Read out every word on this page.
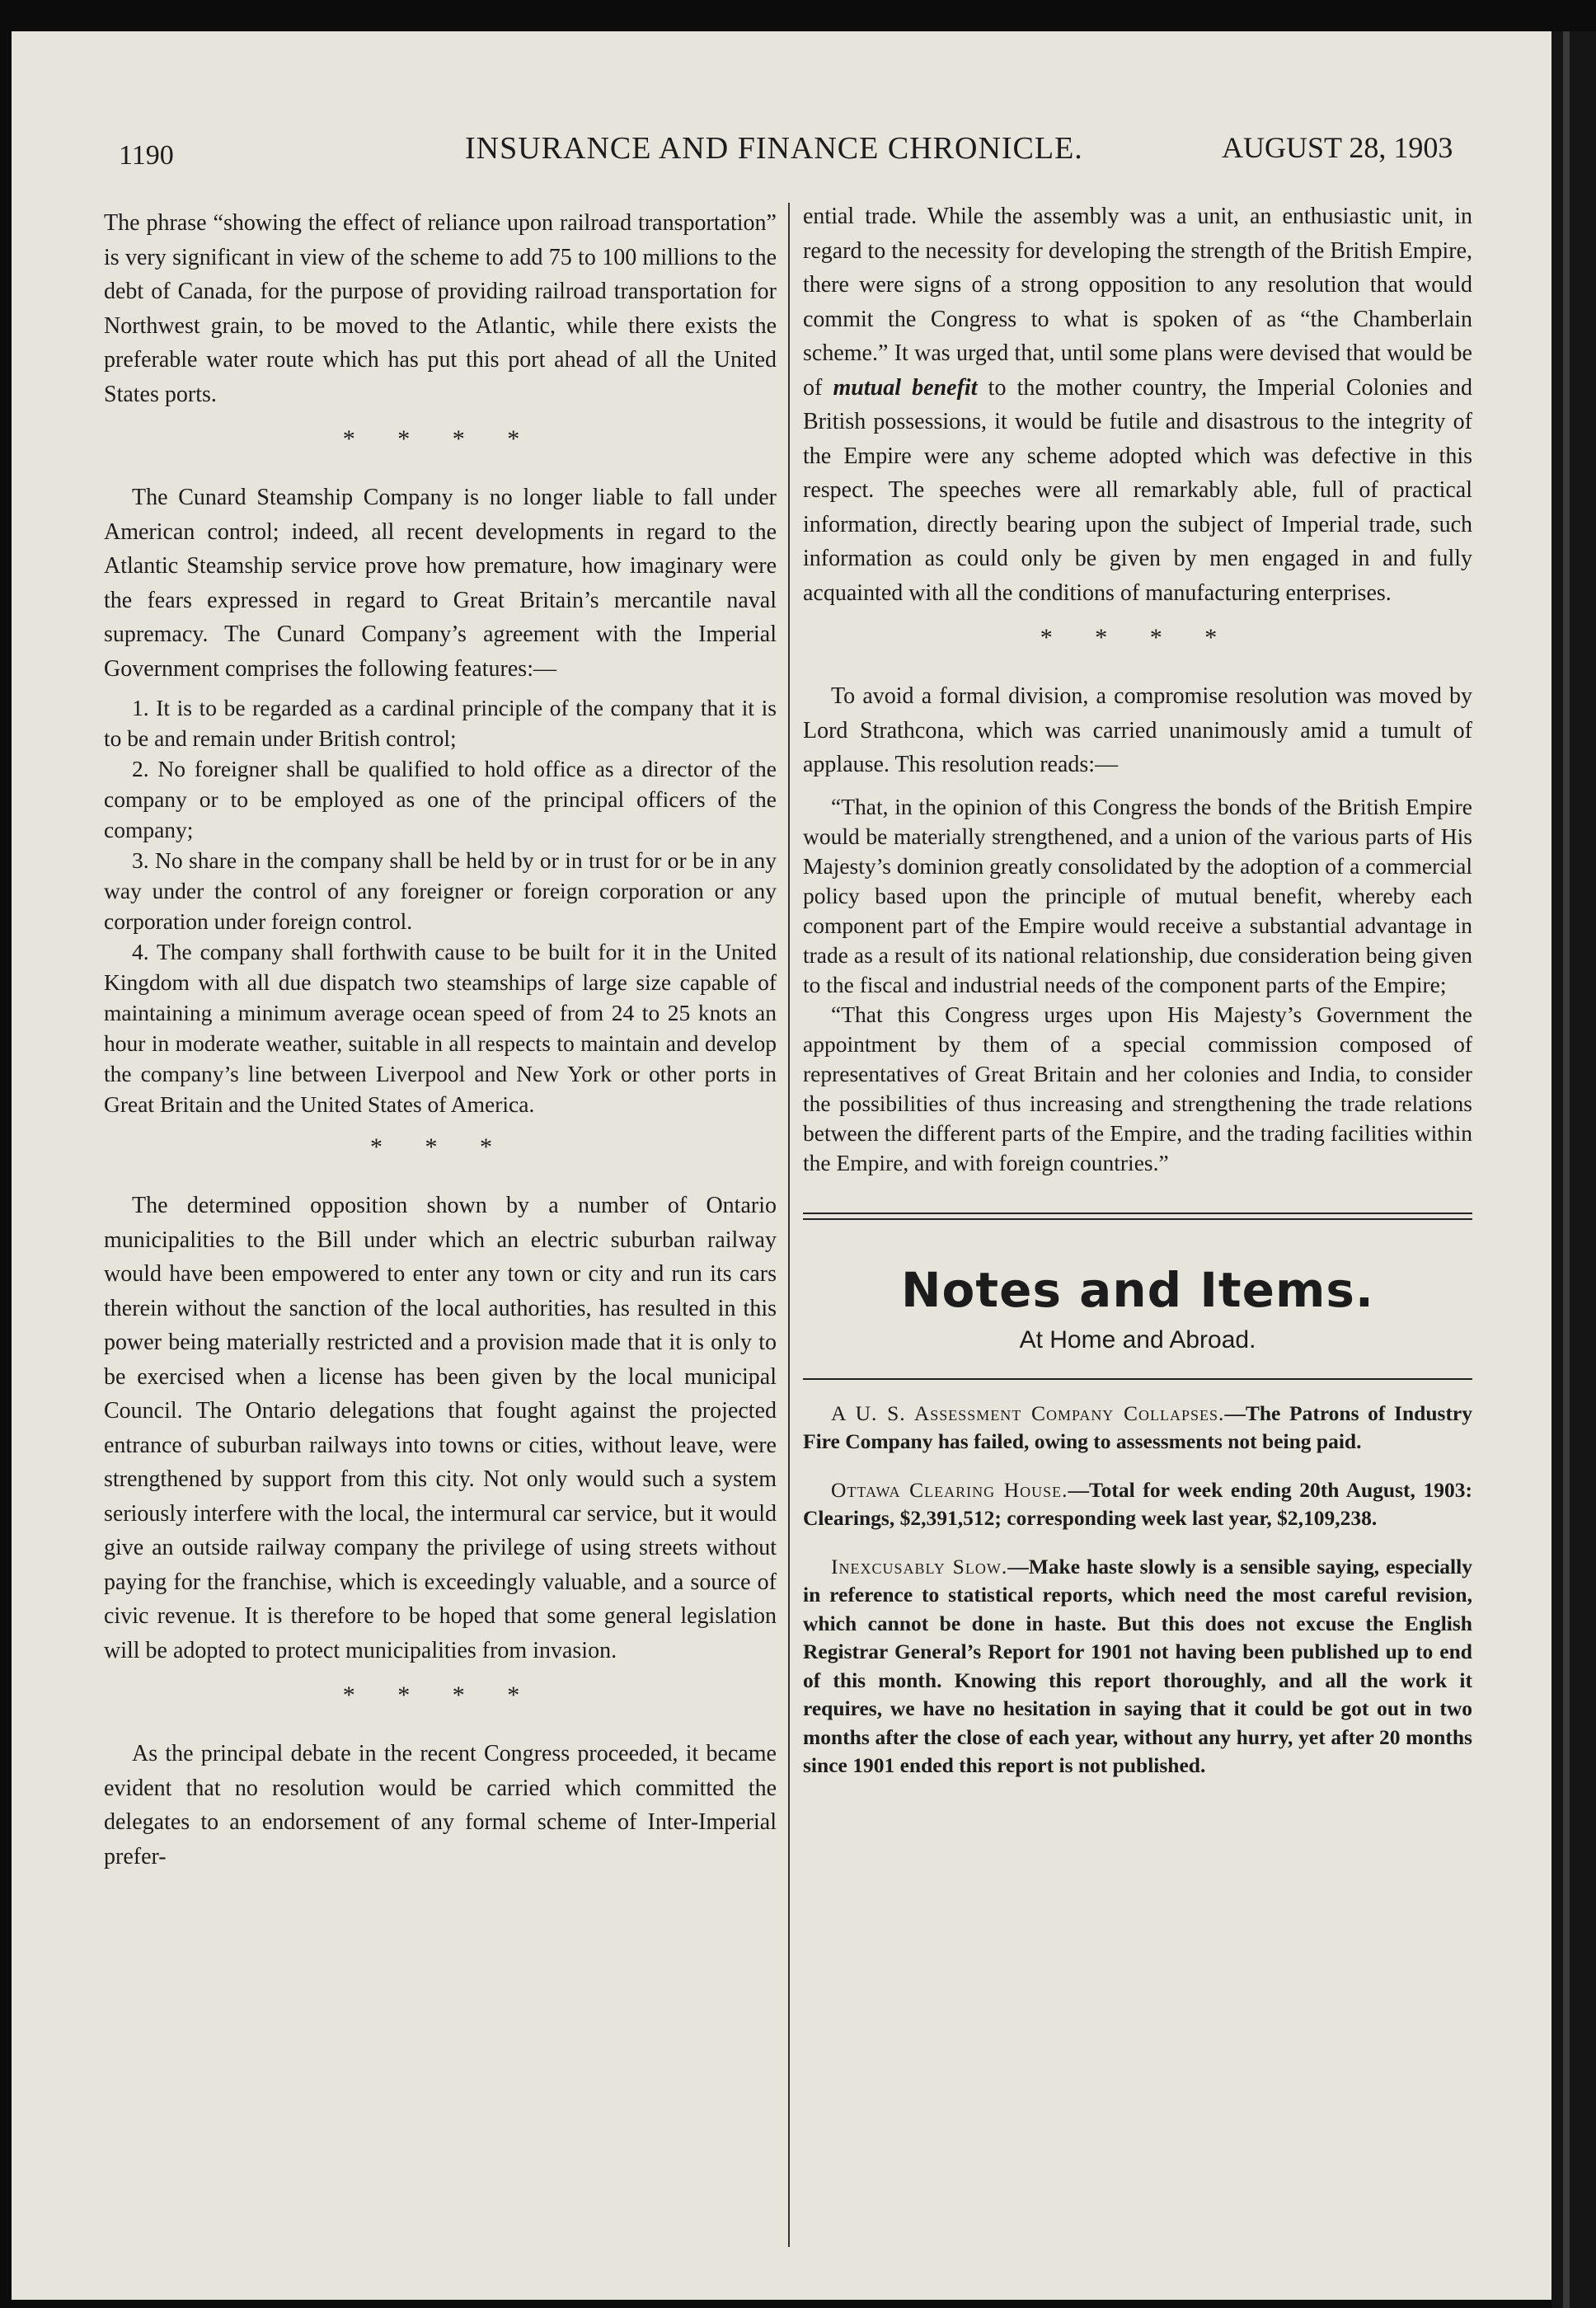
1190	INSURANCE AND FINANCE CHRONICLE.	AUGUST 28, 1903

The phrase “showing the effect of reliance upon railroad transportation” is very significant in view of the scheme to add 75 to 100 millions to the debt of Canada, for the purpose of providing railroad transportation for Northwest grain, to be moved to the Atlantic, while there exists the preferable water route which has put this port ahead of all the United States ports.

* * * *

The Cunard Steamship Company is no longer liable to fall under American control; indeed, all recent developments in regard to the Atlantic Steamship service prove how premature, how imaginary were the fears expressed in regard to Great Britain’s mercantile naval supremacy. The Cunard Company’s agreement with the Imperial Government comprises the following features:—

1. It is to be regarded as a cardinal principle of the company that it is to be and remain under British control;

2. No foreigner shall be qualified to hold office as a director of the company or to be employed as one of the principal officers of the company;

3. No share in the company shall be held by or in trust for or be in any way under the control of any foreigner or foreign corporation or any corporation under foreign control.

4. The company shall forthwith cause to be built for it in the United Kingdom with all due dispatch two steamships of large size capable of maintaining a minimum average ocean speed of from 24 to 25 knots an hour in moderate weather, suitable in all respects to maintain and develop the company’s line between Liverpool and New York or other ports in Great Britain and the United States of America.

* * *

The determined opposition shown by a number of Ontario municipalities to the Bill under which an electric suburban railway would have been empowered to enter any town or city and run its cars therein without the sanction of the local authorities, has resulted in this power being materially restricted and a provision made that it is only to be exercised when a license has been given by the local municipal Council. The Ontario delegations that fought against the projected entrance of suburban railways into towns or cities, without leave, were strengthened by support from this city. Not only would such a system seriously interfere with the local, the intermural car service, but it would give an outside railway company the privilege of using streets without paying for the franchise, which is exceedingly valuable, and a source of civic revenue. It is therefore to be hoped that some general legislation will be adopted to protect municipalities from invasion.

* * * *

As the principal debate in the recent Congress proceeded, it became evident that no resolution would be carried which committed the delegates to an endorsement of any formal scheme of Inter-Imperial prefer-

ential trade. While the assembly was a unit, an enthusiastic unit, in regard to the necessity for developing the strength of the British Empire, there were signs of a strong opposition to any resolution that would commit the Congress to what is spoken of as “the Chamberlain scheme.” It was urged that, until some plans were devised that would be of mutual benefit to the mother country, the Imperial Colonies and British possessions, it would be futile and disastrous to the integrity of the Empire were any scheme adopted which was defective in this respect. The speeches were all remarkably able, full of practical information, directly bearing upon the subject of Imperial trade, such information as could only be given by men engaged in and fully acquainted with all the conditions of manufacturing enterprises.

* * * *

To avoid a formal division, a compromise resolution was moved by Lord Strathcona, which was carried unanimously amid a tumult of applause. This resolution reads:—

“That, in the opinion of this Congress the bonds of the British Empire would be materially strengthened, and a union of the various parts of His Majesty’s dominion greatly consolidated by the adoption of a commercial policy based upon the principle of mutual benefit, whereby each component part of the Empire would receive a substantial advantage in trade as a result of its national relationship, due consideration being given to the fiscal and industrial needs of the component parts of the Empire;

“That this Congress urges upon His Majesty’s Government the appointment by them of a special commission composed of representatives of Great Britain and her colonies and India, to consider the possibilities of thus increasing and strengthening the trade relations between the different parts of the Empire, and the trading facilities within the Empire, and with foreign countries.”

Notes and Items.

At Home and Abroad.

A U. S. Assessment Company Collapses.—The Patrons of Industry Fire Company has failed, owing to assessments not being paid.

Ottawa Clearing House.—Total for week ending 20th August, 1903: Clearings, $2,391,512; corresponding week last year, $2,109,238.

Inexcusably Slow.—Make haste slowly is a sensible saying, especially in reference to statistical reports, which need the most careful revision, which cannot be done in haste. But this does not excuse the English Registrar General’s Report for 1901 not having been published up to end of this month. Knowing this report thoroughly, and all the work it requires, we have no hesitation in saying that it could be got out in two months after the close of each year, without any hurry, yet after 20 months since 1901 ended this report is not published.
